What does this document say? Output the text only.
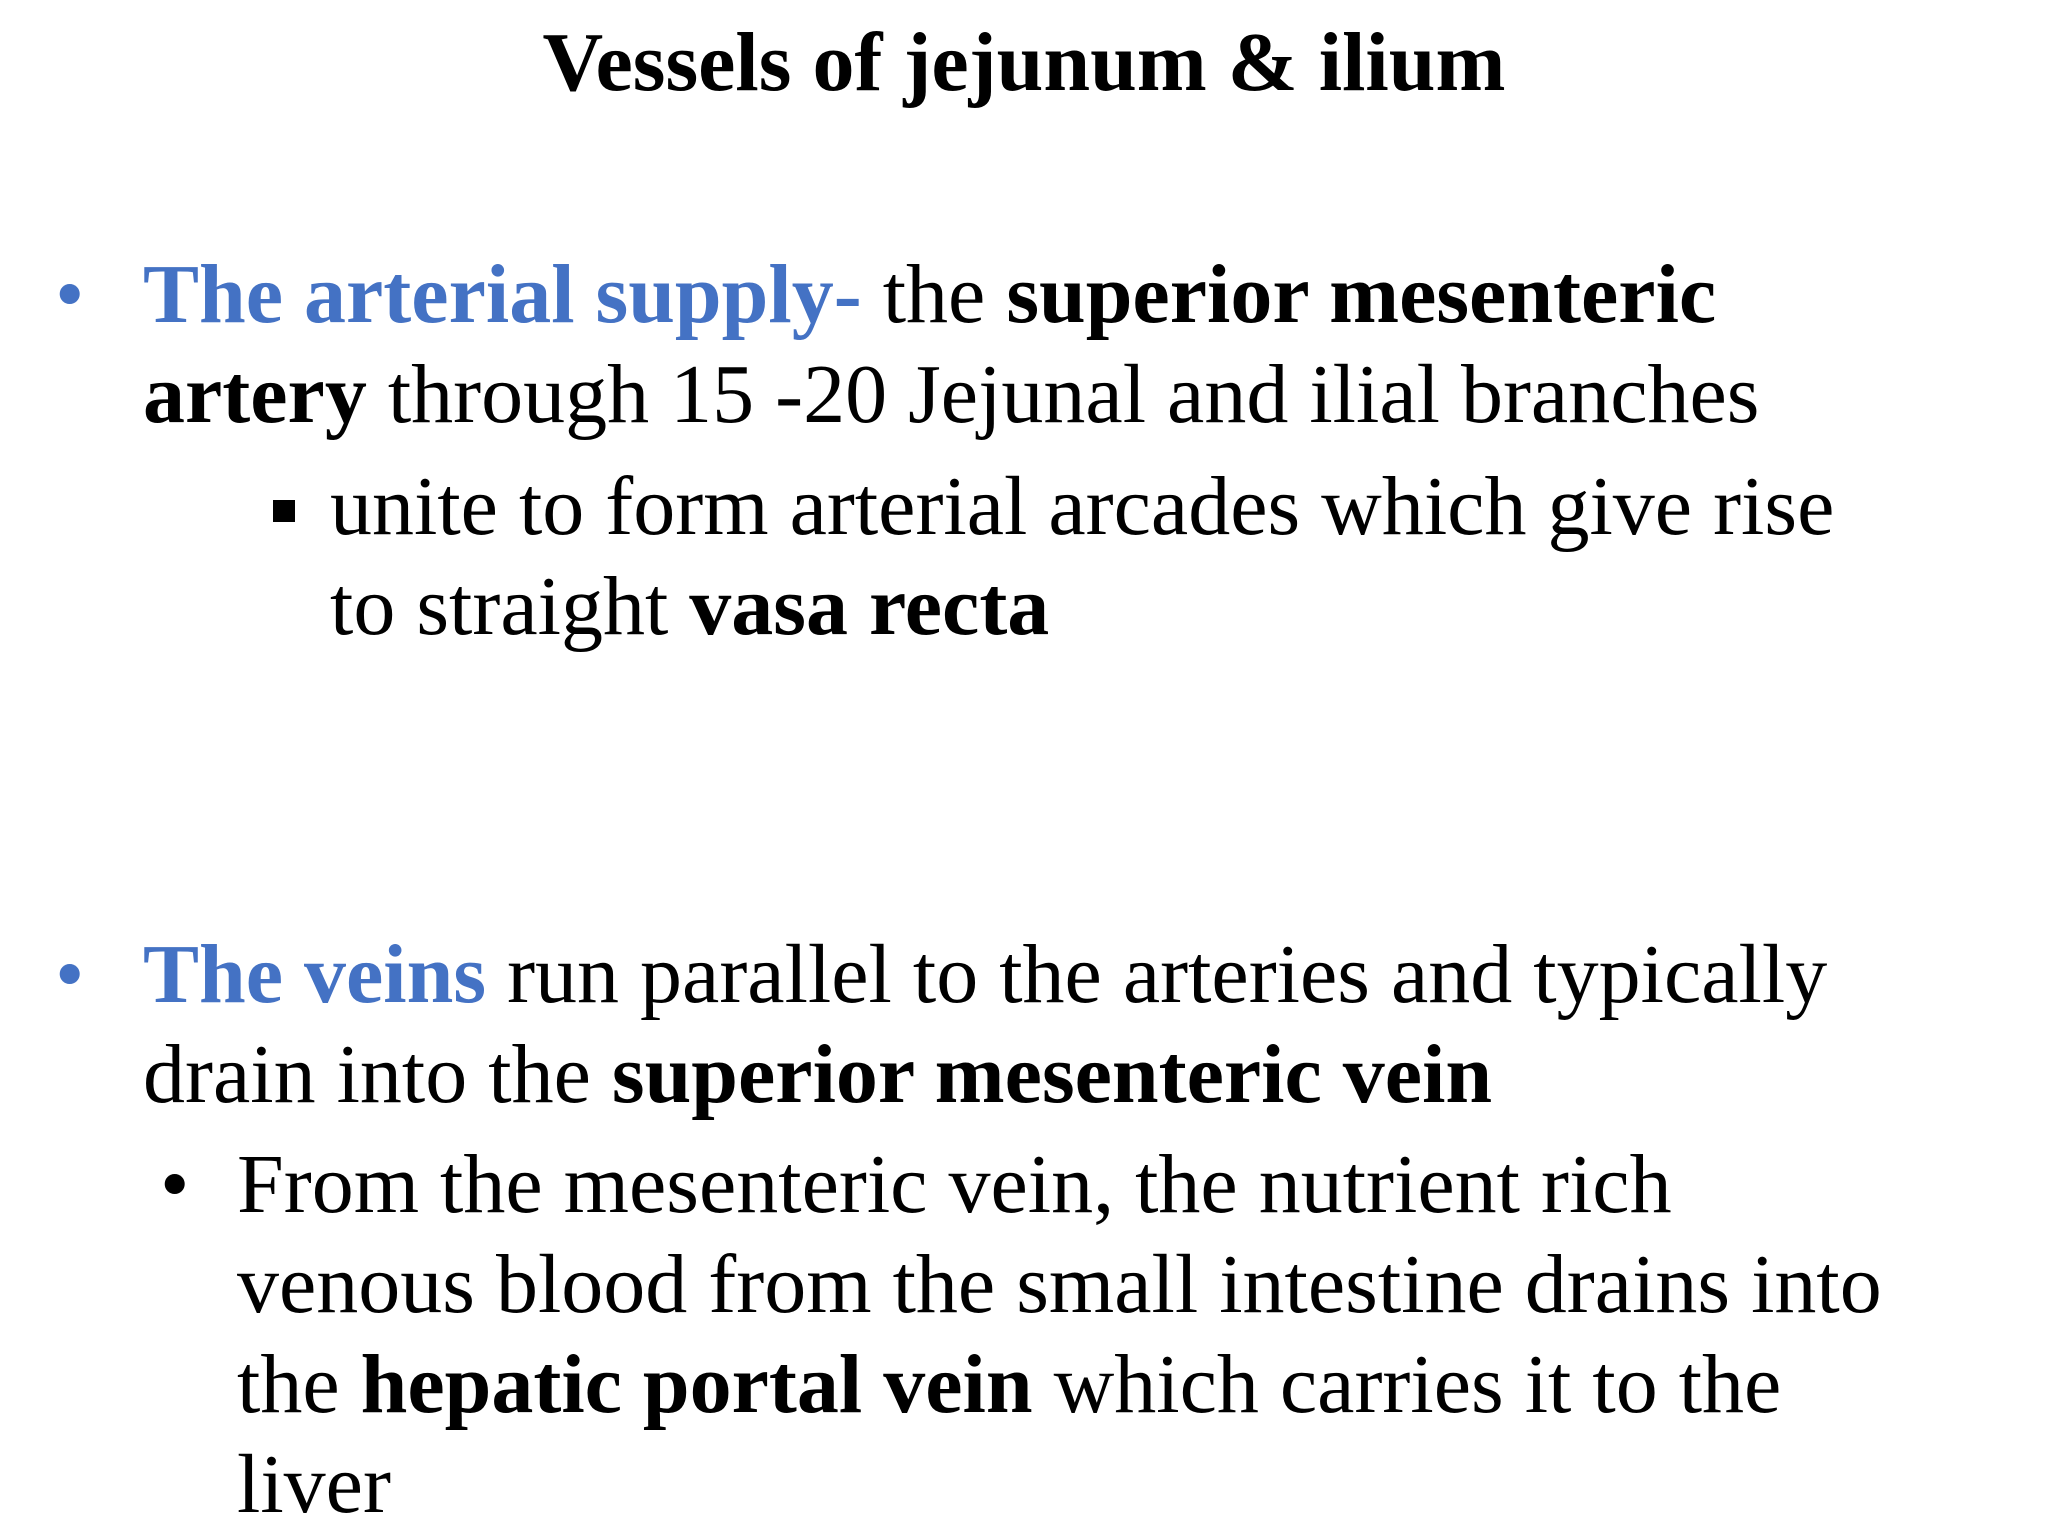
Vessels of jejunum & ilium
• The arterial supply- the superior mesenteric
artery through 15 -20 Jejunal and ilial branches
unite to form arterial arcades which give rise
to straight vasa recta
• The veins run parallel to the arteries and typically
drain into the superior mesenteric vein
• From the mesenteric vein, the nutrient rich
venous blood from the small intestine drains into
the hepatic portal vein which carries it to the
liver
